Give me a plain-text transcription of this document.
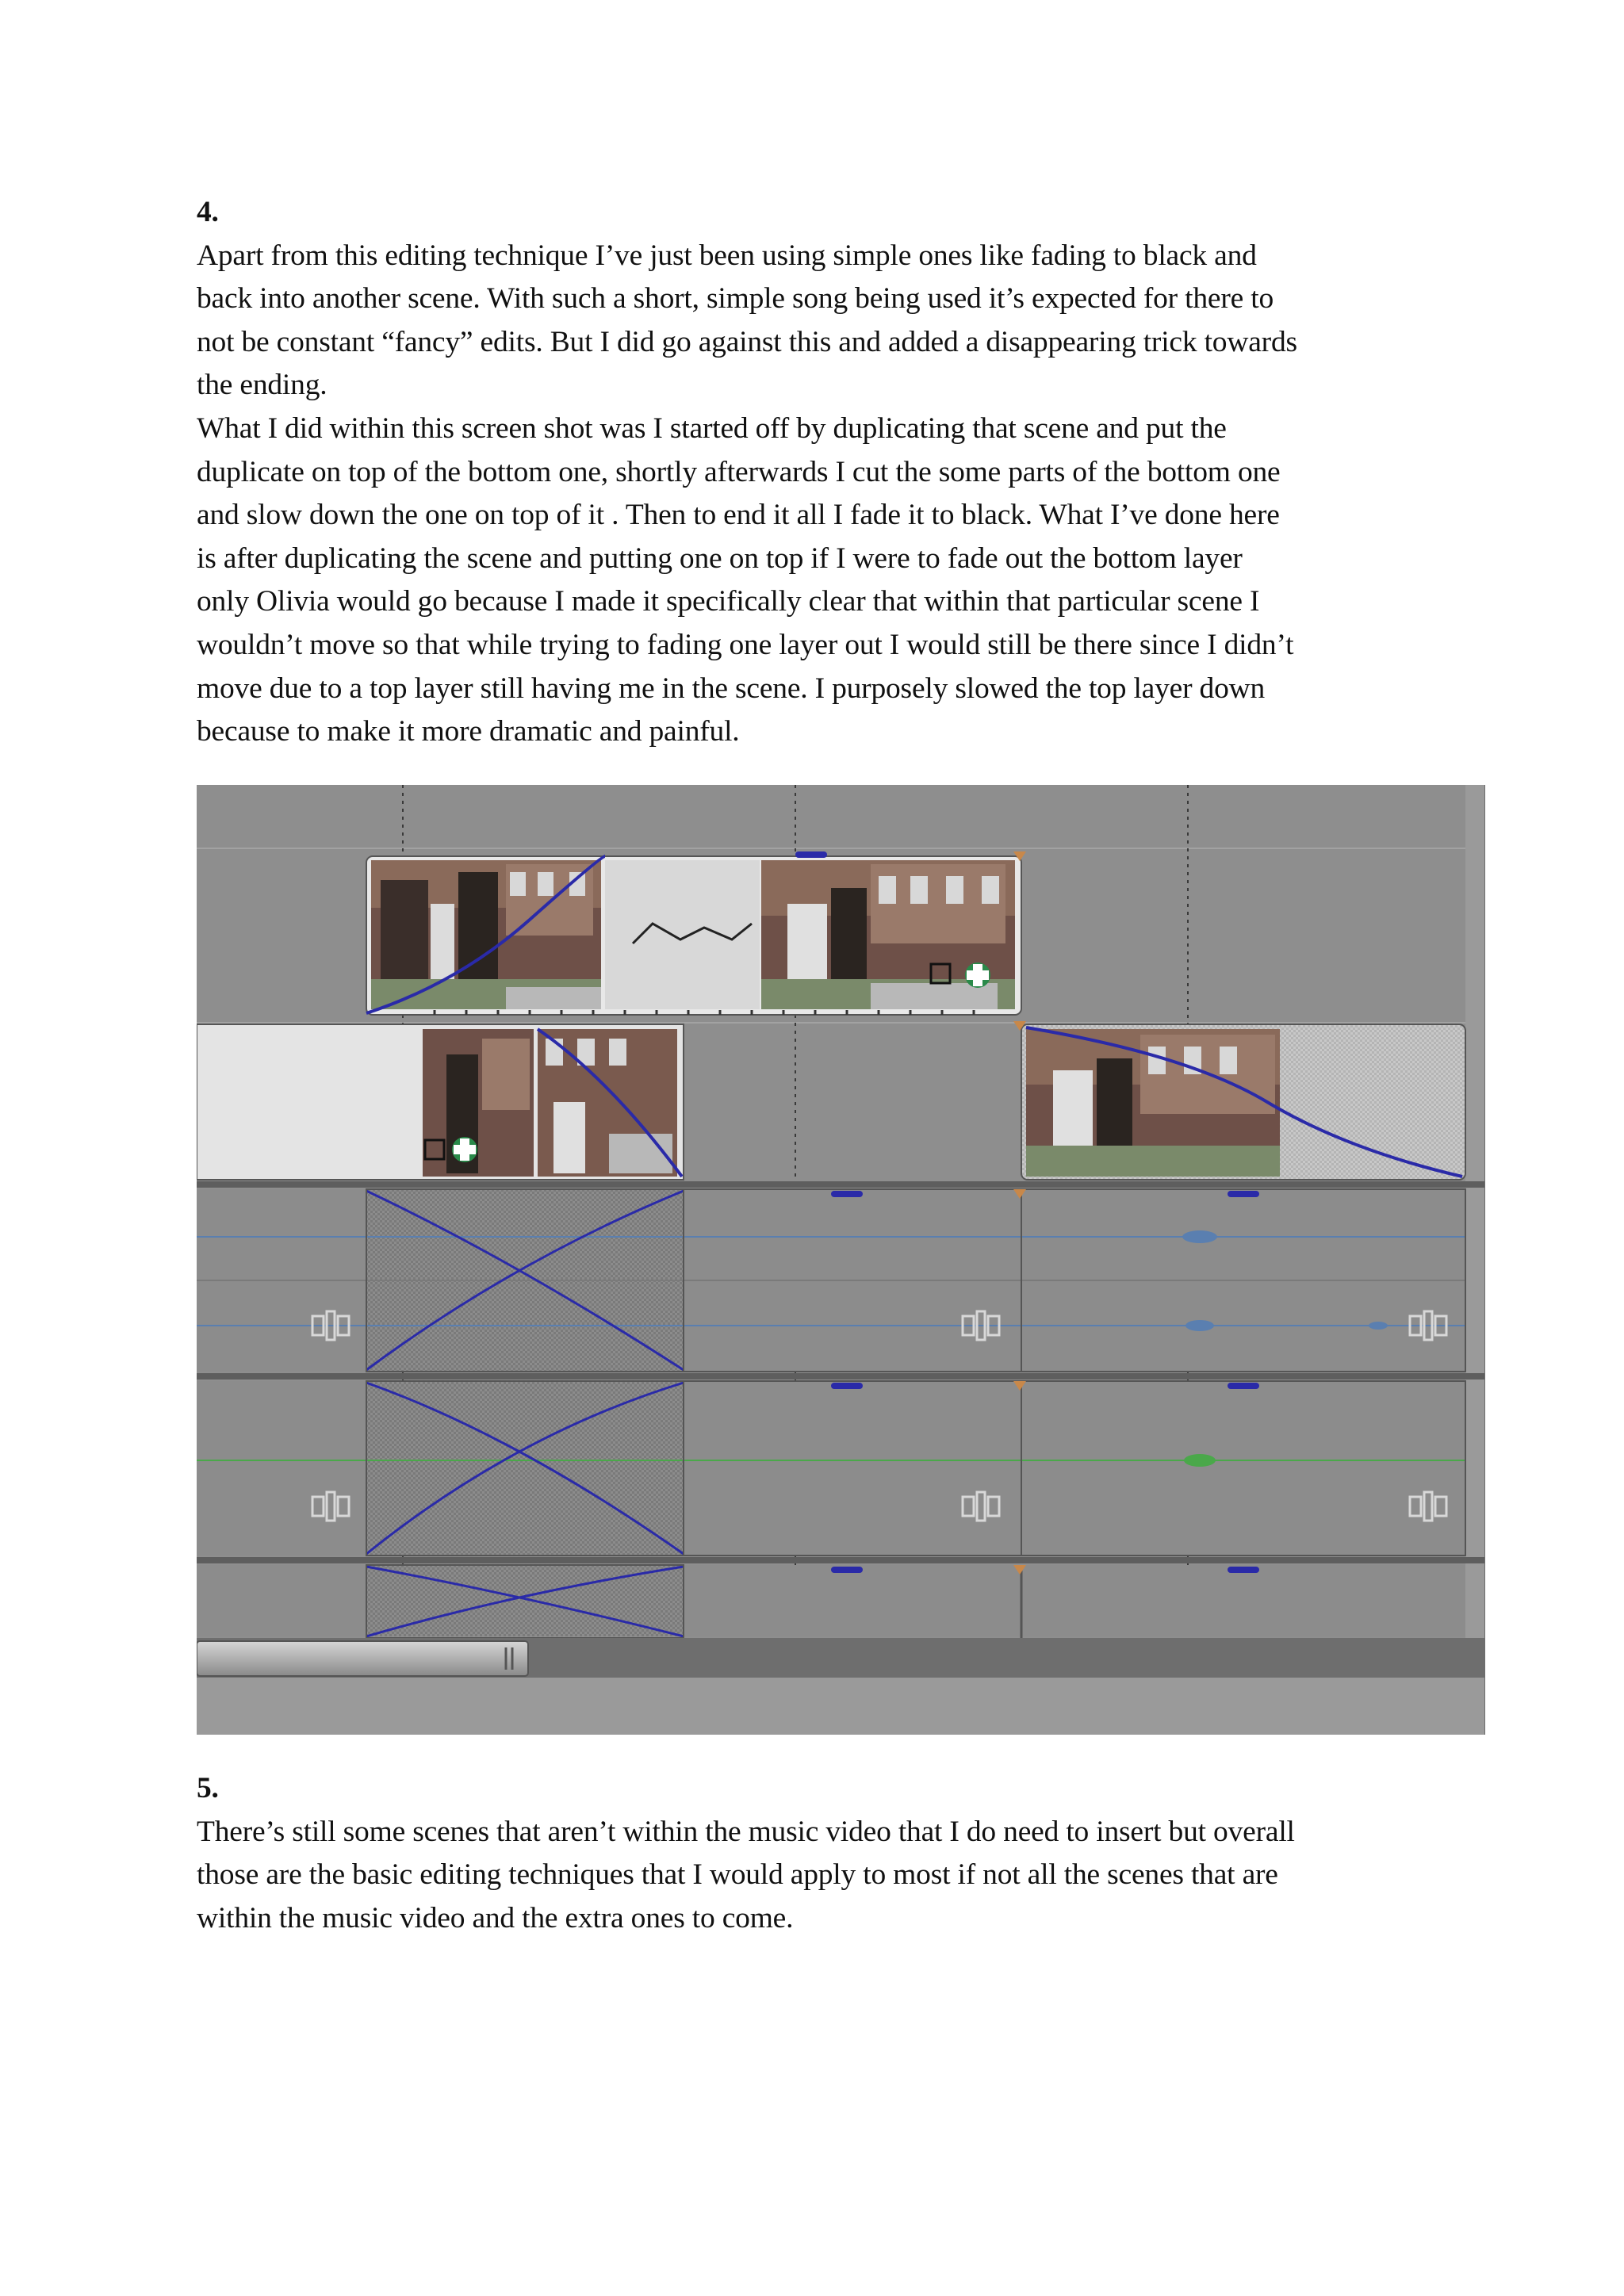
4.

Apart from this editing technique I’ve just been using simple ones like fading to black and
back into another scene. With such a short, simple song being used it’s expected for there to
not be constant “fancy” edits. But I did go against this and added a disappearing trick towards
the ending.

What I did within this screen shot was I started off by duplicating that scene and put the
duplicate on top of the bottom one, shortly afterwards I cut the some parts of the bottom one
and slow down the one on top of it . Then to end it all I fade it to black. What I’ve done here
is after duplicating the scene and putting one on top if I were to fade out the bottom layer
only Olivia would go because I made it specifically clear that within that particular scene I
wouldn’t move so that while trying to fading one layer out I would still be there since I didn’t
move due to a top layer still having me in the scene. I purposely slowed the top layer down
because to make it more dramatic and painful.

5.

There’s still some scenes that aren’t within the music video that I do need to insert but overall
those are the basic editing techniques that I would apply to most if not all the scenes that are
within the music video and the extra ones to come.
